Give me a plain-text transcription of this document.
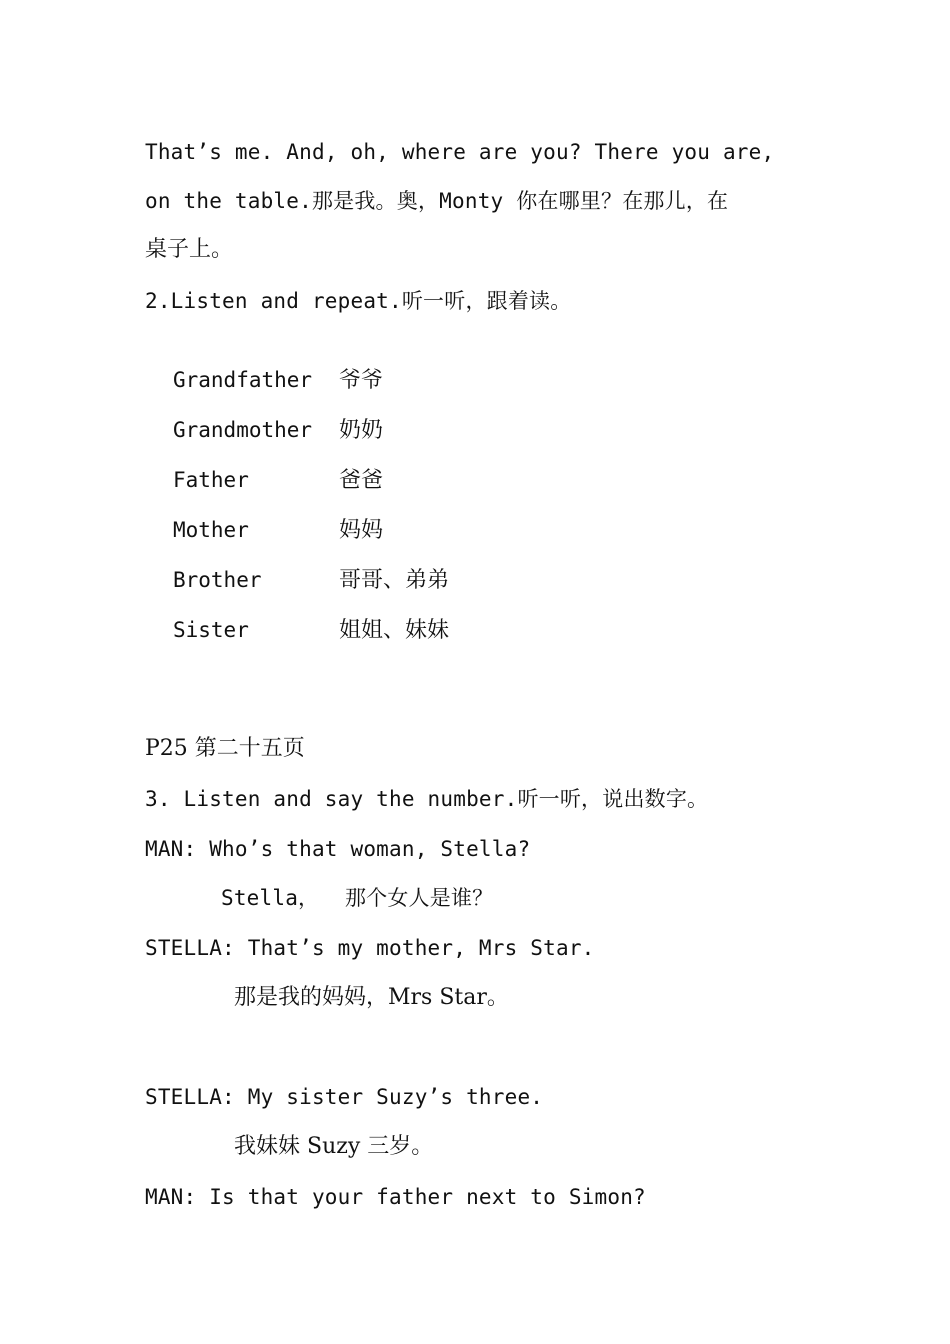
That’s me. And, oh, where are you? There you are,
on the table.那是我。奥，Monty 你在哪里？在那儿，在
桌子上。
2.Listen and repeat.听一听，跟着读。

Grandfather 爷爷

Grandmother 奶奶

Father	爸爸

Mother	妈妈

Brother	哥哥、弟弟

Sister	姐姐、妹妹

P25 第二十五页
3. Listen and say the number.听一听，说出数字。
MAN: Who’s that woman, Stella?
Stella，  那个女人是谁？
STELLA: That’s my mother, Mrs Star.
那是我的妈妈，Mrs Star。
STELLA: My sister Suzy’s three.
我妹妹 Suzy 三岁。
MAN: Is that your father next to Simon?
